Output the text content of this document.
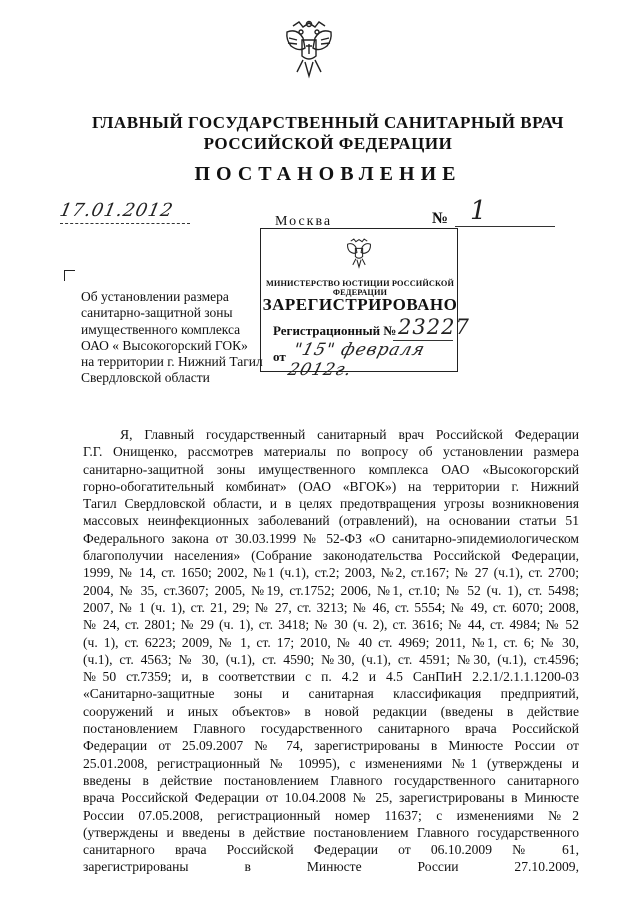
ГЛАВНЫЙ ГОСУДАРСТВЕННЫЙ САНИТАРНЫЙ ВРАЧ
РОССИЙСКОЙ ФЕДЕРАЦИИ
ПОСТАНОВЛЕНИЕ
17.01.2012
Москва	№ 1
МИНИСТЕРСТВО ЮСТИЦИИ РОССИЙСКОЙ ФЕДЕРАЦИИ
ЗАРЕГИСТРИРОВАНО
Регистрационный № 23227
от "15" февраля 2012г.
Об установлении размера
санитарно-защитной зоны
имущественного комплекса
ОАО « Высокогорский ГОК»
на территории г. Нижний Тагил
Свердловской области
Я, Главный государственный санитарный врач Российской Федерации
Г.Г. Онищенко, рассмотрев материалы по вопросу об установлении размера
санитарно-защитной зоны имущественного комплекса ОАО «Высокогорский
горно-обогатительный комбинат» (ОАО «ВГОК») на территории г. Нижний
Тагил Свердловской области, и в целях предотвращения угрозы возникновения
массовых неинфекционных заболеваний (отравлений), на основании статьи 51
Федерального закона от 30.03.1999 № 52-ФЗ «О санитарно-эпидемиологическом
благополучии населения» (Собрание законодательства Российской Федерации,
1999, № 14, ст. 1650; 2002, №1 (ч.1), ст.2; 2003, №2, ст.167; № 27 (ч.1), ст. 2700;
2004, № 35, ст.3607; 2005, №19, ст.1752; 2006, №1, ст.10; № 52 (ч. 1), ст. 5498;
2007, № 1 (ч. 1), ст. 21, 29; № 27, ст. 3213; № 46, ст. 5554; № 49, ст. 6070; 2008,
№ 24, ст. 2801; № 29 (ч. 1), ст. 3418; № 30 (ч. 2), ст. 3616; № 44, ст. 4984; № 52
(ч. 1), ст. 6223; 2009, № 1, ст. 17; 2010, № 40 ст. 4969; 2011, №1, ст. 6; № 30,
(ч.1), ст. 4563; № 30, (ч.1), ст. 4590; №30, (ч.1), ст. 4591; №30, (ч.1), ст.4596;
№50 ст.7359; и, в соответствии с п. 4.2 и 4.5 СанПиН 2.2.1/2.1.1.1200-03
«Санитарно-защитные зоны и санитарная классификация предприятий,
сооружений и иных объектов» в новой редакции (введены в действие
постановлением Главного государственного санитарного врача Российской
Федерации от 25.09.2007 № 74, зарегистрированы в Минюсте России от
25.01.2008, регистрационный № 10995), с изменениями №1 (утверждены и
введены в действие постановлением Главного государственного санитарного
врача Российской Федерации от 10.04.2008 № 25, зарегистрированы в Минюсте
России 07.05.2008, регистрационный номер 11637; с изменениями №2
(утверждены и введены в действие постановлением Главного государственного
санитарного врача Российской Федерации от 06.10.2009 № 61,
зарегистрированы в Минюсте России 27.10.2009,
